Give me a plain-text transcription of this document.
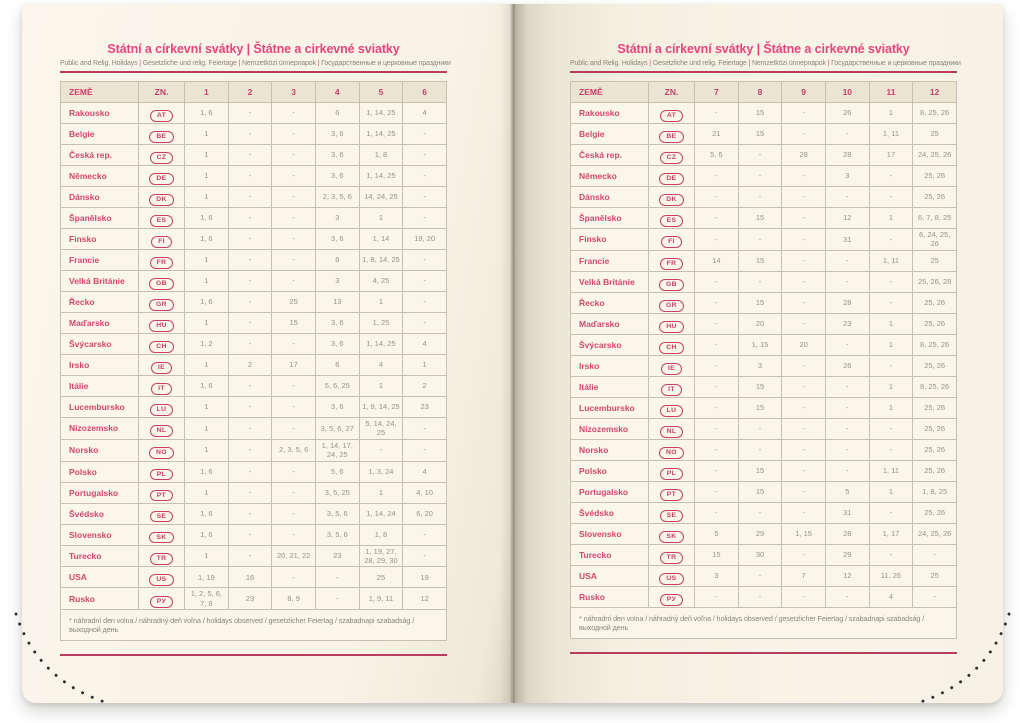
Státní a církevní svátky | Štátne a cirkevné sviatky
Public and Relig. Holidays | Gesetzliche und relig. Feiertage | Nemzetközi ünnepnapok | Государственные и церковные праздники
ZEMĚ	ZN.	1	2	3	4	5	6
Rakousko	AT	1, 6	-	-	6	1, 14, 25	4
Belgie	BE	1	-	-	3, 6	1, 14, 25	-
Česká rep.	CZ	1	-	-	3, 6	1, 8	-
Německo	DE	1	-	-	3, 6	1, 14, 25	-
Dánsko	DK	1	-	-	2, 3, 5, 6	14, 24, 25	-
Španělsko	ES	1, 6	-	-	3	1	-
Finsko	FI	1, 6	-	-	3, 6	1, 14	19, 20
Francie	FR	1	-	-	6	1, 8, 14, 25	-
Velká Británie	GB	1	-	-	3	4, 25	-
Řecko	GR	1, 6	-	25	13	1	-
Maďarsko	HU	1	-	15	3, 6	1, 25	-
Švýcarsko	CH	1, 2	-	-	3, 6	1, 14, 25	4
Irsko	IE	1	2	17	6	4	1
Itálie	IT	1, 6	-	-	5, 6, 25	1	2
Lucembursko	LU	1	-	-	3, 6	1, 9, 14, 25	23
Nizozemsko	NL	1	-	-	3, 5, 6, 27	5, 14, 24, 25	-
Norsko	NO	1	-	2, 3, 5, 6	1, 14, 17, 24, 25	-	-
Polsko	PL	1, 6	-	-	5, 6	1, 3, 24	4
Portugalsko	PT	1	-	-	3, 5, 25	1	4, 10
Švédsko	SE	1, 6	-	-	3, 5, 6	1, 14, 24	6, 20
Slovensko	SK	1, 6	-	-	3, 5, 6	1, 8	-
Turecko	TR	1	-	20, 21, 22	23	1, 19, 27, 28, 29, 30	-
USA	US	1, 19	16	-	-	25	19
Rusko	РУ	1, 2, 5, 6, 7, 8	23	8, 9	-	1, 9, 11	12
* náhradní den volna / náhradný deň voľna / holidays observed / gesetzlicher Feiertag / szabadnapi szabadság / выходной день							
Státní a církevní svátky | Štátne a cirkevné sviatky
Public and Relig. Holidays | Gesetzliche und relig. Feiertage | Nemzetközi ünnepnapok | Государственные и церковные праздники
ZEMĚ	ZN.	7	8	9	10	11	12
Rakousko	AT	-	15	-	26	1	8, 25, 26
Belgie	BE	21	15	-	-	1, 11	25
Česká rep.	CZ	5, 6	-	28	28	17	24, 25, 26
Německo	DE	-	-	-	3	-	25, 26
Dánsko	DK	-	-	-	-	-	25, 26
Španělsko	ES	-	15	-	12	1	6, 7, 8, 25
Finsko	FI	-	-	-	31	-	6, 24, 25, 26
Francie	FR	14	15	-	-	1, 11	25
Velká Británie	GB	-	-	-	-	-	25, 26, 28
Řecko	GR	-	15	-	28	-	25, 26
Maďarsko	HU	-	20	-	23	1	25, 26
Švýcarsko	CH	-	1, 15	20	-	1	8, 25, 26
Irsko	IE	-	3	-	26	-	25, 26
Itálie	IT	-	15	-	-	1	8, 25, 26
Lucembursko	LU	-	15	-	-	1	25, 26
Nizozemsko	NL	-	-	-	-	-	25, 26
Norsko	NO	-	-	-	-	-	25, 26
Polsko	PL	-	15	-	-	1, 11	25, 26
Portugalsko	PT	-	15	-	5	1	1, 8, 25
Švédsko	SE	-	-	-	31	-	25, 26
Slovensko	SK	5	29	1, 15	28	1, 17	24, 25, 26
Turecko	TR	15	30	-	29	-	-
USA	US	3	-	7	12	11, 26	25
Rusko	РУ	-	-	-	-	4	-
* náhradní den volna / náhradný deň voľna / holidays observed / gesetzlicher Feiertag / szabadnapi szabadság / выходной день							
